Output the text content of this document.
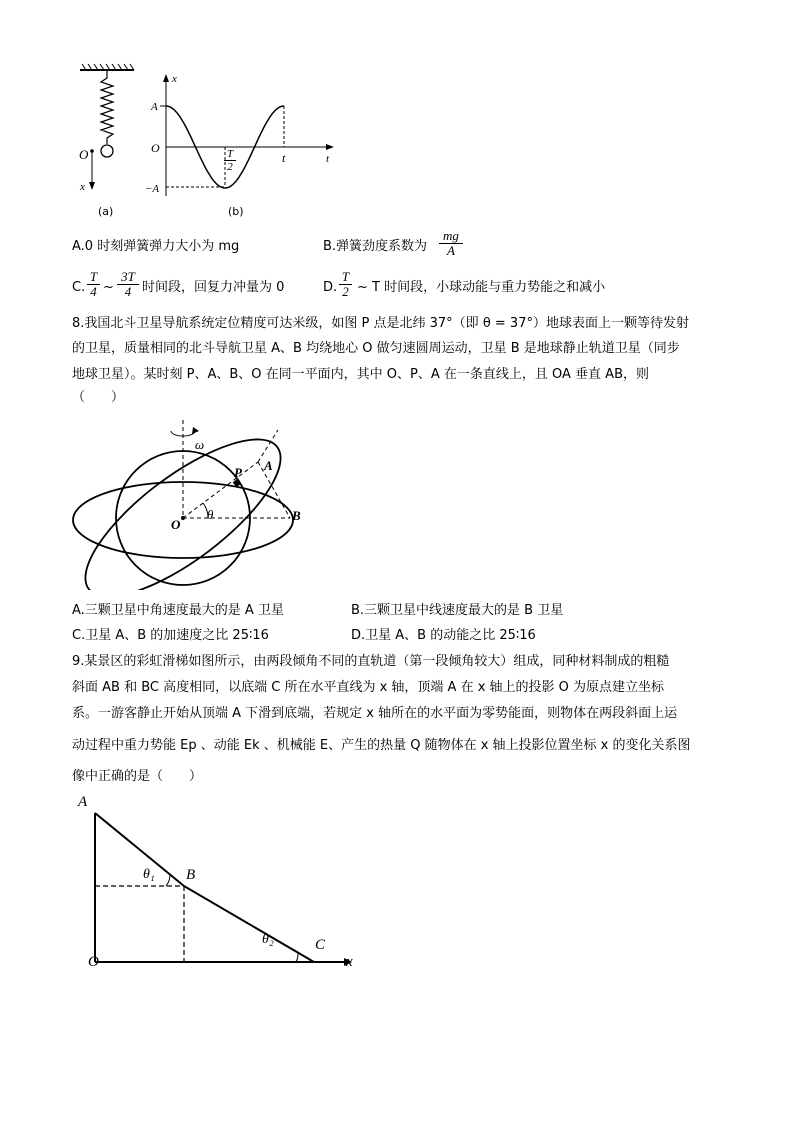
O
x
(a)
x
t
A
O
−A
$\frac{T}{2}$	t
(b)
A.0 时刻弹簧弹力大小为 mg	B.弹簧劲度系数为 $\frac{mg}{A}$
C. $\frac{T}{4}$ ~ $\frac{3T}{4}$ 时间段，回复力冲量为 0	D. $\frac{T}{2}$ ~ T 时间段，小球动能与重力势能之和减小
8.我国北斗卫星导航系统定位精度可达米级，如图 P 点是北纬 37°（即 θ = 37°）地球表面上一颗等待发射
的卫星，质量相同的北斗导航卫星 A、B 均绕地心 O 做匀速圆周运动，卫星 B 是地球静止轨道卫星（同步
地球卫星）。某时刻 P、A、B、O 在同一平面内，其中 O、P、A 在一条直线上，且 OA 垂直 AB，则
（　　）
ω
P A
B
O
θ
A.三颗卫星中角速度最大的是 A 卫星	B.三颗卫星中线速度最大的是 B 卫星
C.卫星 A、B 的加速度之比 25∶16	D.卫星 A、B 的动能之比 25∶16
9.某景区的彩虹滑梯如图所示，由两段倾角不同的直轨道（第一段倾角较大）组成，同种材料制成的粗糙
斜面 AB 和 BC 高度相同，以底端 C 所在水平直线为 x 轴，顶端 A 在 x 轴上的投影 O 为原点建立坐标
系。一游客静止开始从顶端 A 下滑到底端，若规定 x 轴所在的水平面为零势能面，则物体在两段斜面上运
动过程中重力势能 Ep 、动能 Ek 、机械能 E、产生的热量 Q 随物体在 x 轴上投影位置坐标 x 的变化关系图
像中正确的是（　　）
A
B
C
O	x
θ₁
θ₂
